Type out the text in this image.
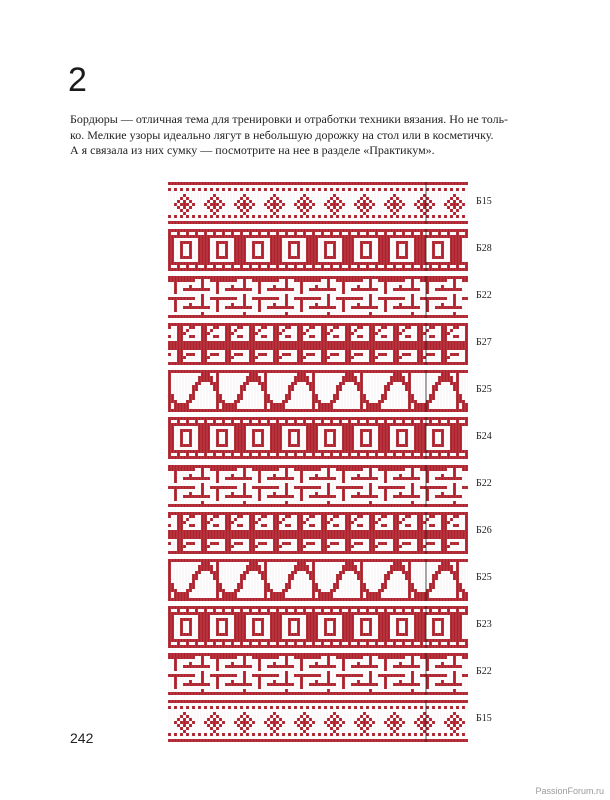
2
Бордюры — отличная тема для тренировки и отработки техники вязания. Но не толь-
ко. Мелкие узоры идеально лягут в небольшую дорожку на стол или в косметичку.
А я связала из них сумку — посмотрите на нее в разделе «Практикум».
Б15
Б28
Б22
Б27
Б25
Б24
Б22
Б26
Б25
Б23
Б22
Б15
242
PassionForum.ru
